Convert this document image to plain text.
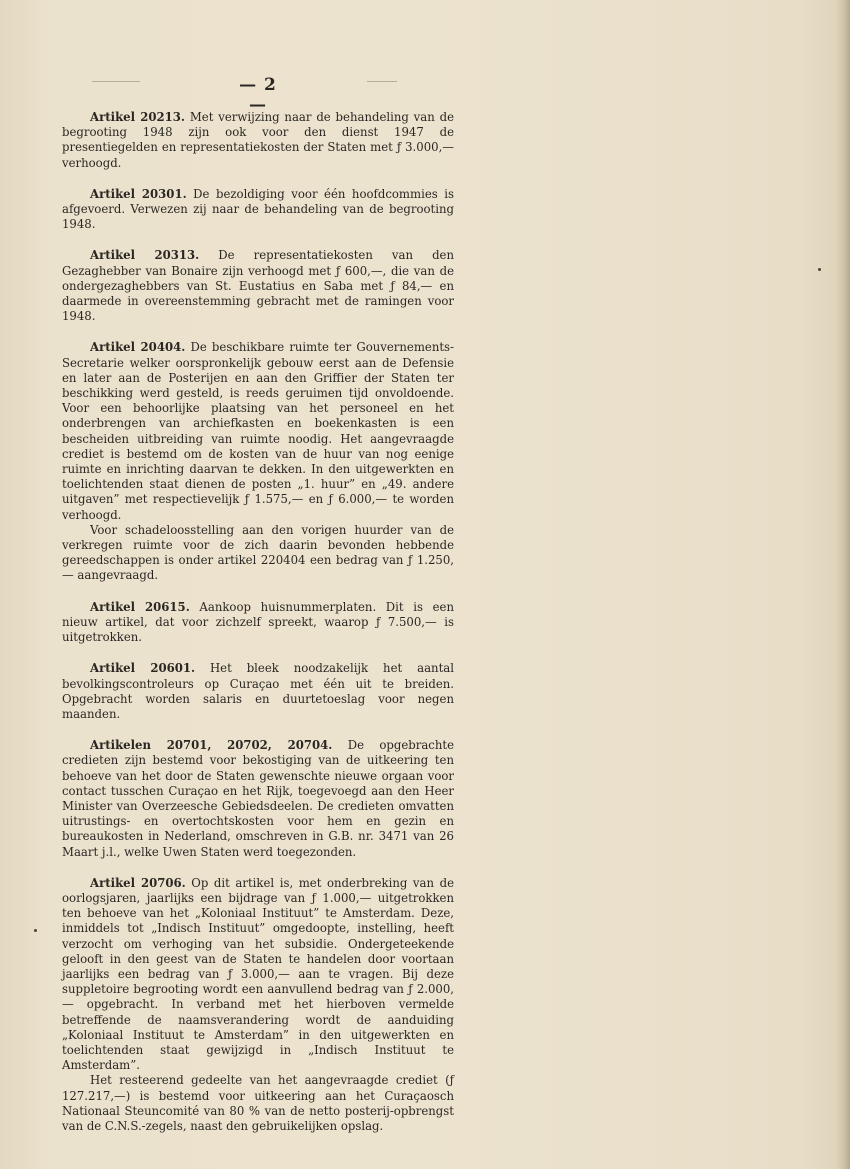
— 2 —

Artikel 20213. Met verwijzing naar de behandeling van de begrooting 1948 zijn ook voor den dienst 1947 de presentiegelden en representatiekosten der Staten met ƒ 3.000,— verhoogd.

Artikel 20301. De bezoldiging voor één hoofdcommies is afgevoerd. Verwezen zij naar de behandeling van de begrooting 1948.

Artikel 20313. De representatiekosten van den Gezaghebber van Bonaire zijn verhoogd met ƒ 600,—, die van de ondergezaghebbers van St. Eustatius en Saba met ƒ 84,— en daarmede in overeenstemming gebracht met de ramingen voor 1948.

Artikel 20404. De beschikbare ruimte ter Gouvernements-Secretarie welker oorspronkelijk gebouw eerst aan de Defensie en later aan de Posterijen en aan den Griffier der Staten ter beschikking werd gesteld, is reeds geruimen tijd onvoldoende. Voor een behoorlijke plaatsing van het personeel en het onderbrengen van archiefkasten en boekenkasten is een bescheiden uitbreiding van ruimte noodig. Het aangevraagde crediet is bestemd om de kosten van de huur van nog eenige ruimte en inrichting daarvan te dekken. In den uitgewerkten en toelichtenden staat dienen de posten „1. huur” en „49. andere uitgaven” met respectievelijk ƒ 1.575,— en ƒ 6.000,— te worden verhoogd.

Voor schadeloosstelling aan den vorigen huurder van de verkregen ruimte voor de zich daarin bevonden hebbende gereedschappen is onder artikel 220404 een bedrag van ƒ 1.250,— aangevraagd.

Artikel 20615. Aankoop huisnummerplaten. Dit is een nieuw artikel, dat voor zichzelf spreekt, waarop ƒ 7.500,— is uitgetrokken.

Artikel 20601. Het bleek noodzakelijk het aantal bevolkingscontroleurs op Curaçao met één uit te breiden. Opgebracht worden salaris en duurtetoeslag voor negen maanden.

Artikelen 20701, 20702, 20704. De opgebrachte credieten zijn bestemd voor bekostiging van de uitkeering ten behoeve van het door de Staten gewenschte nieuwe orgaan voor contact tusschen Curaçao en het Rijk, toegevoegd aan den Heer Minister van Overzeesche Gebiedsdeelen. De credieten omvatten uitrustings- en overtochtskosten voor hem en gezin en bureaukosten in Nederland, omschreven in G.B. nr. 3471 van 26 Maart j.l., welke Uwen Staten werd toegezonden.

Artikel 20706. Op dit artikel is, met onderbreking van de oorlogsjaren, jaarlijks een bijdrage van ƒ 1.000,— uitgetrokken ten behoeve van het „Koloniaal Instituut” te Amsterdam. Deze, inmiddels tot „Indisch Instituut” omgedoopte, instelling, heeft verzocht om verhoging van het subsidie. Ondergeteekende gelooft in den geest van de Staten te handelen door voortaan jaarlijks een bedrag van ƒ 3.000,— aan te vragen. Bij deze suppletoire begrooting wordt een aanvullend bedrag van ƒ 2.000,— opgebracht. In verband met het hierboven vermelde betreffende de naamsverandering wordt de aanduiding „Koloniaal Instituut te Amsterdam” in den uitgewerkten en toelichtenden staat gewijzigd in „Indisch Instituut te Amsterdam”.

Het resteerend gedeelte van het aangevraagde crediet (ƒ 127.217,—) is bestemd voor uitkeering aan het Curaçaosch Nationaal Steuncomité van 80 % van de netto posterij-opbrengst van de C.N.S.-zegels, naast den gebruikelijken opslag.
